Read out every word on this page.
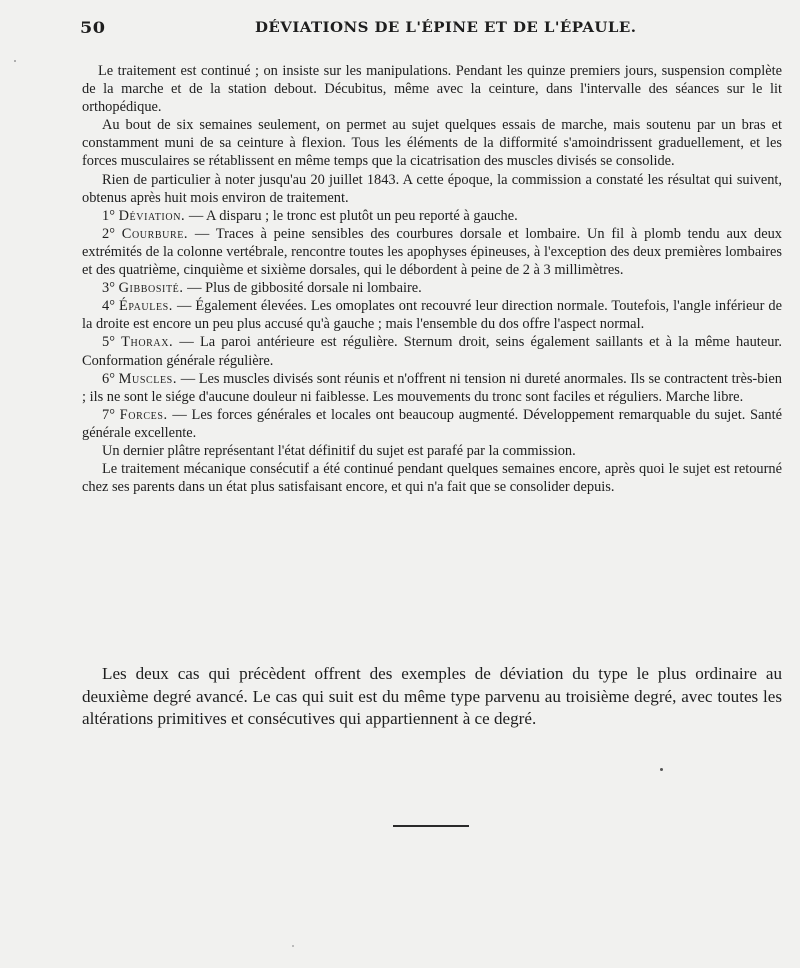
50	DÉVIATIONS DE L'ÉPINE ET DE L'ÉPAULE.

Le traitement est continué ; on insiste sur les manipulations. Pendant les quinze premiers jours, suspension complète de la marche et de la station debout. Décubitus, même avec la ceinture, dans l'intervalle des séances sur le lit orthopédique.

Au bout de six semaines seulement, on permet au sujet quelques essais de marche, mais soutenu par un bras et constamment muni de sa ceinture à flexion. Tous les éléments de la difformité s'amoindrissent graduellement, et les forces musculaires se rétablissent en même temps que la cicatrisation des muscles divisés se consolide.

Rien de particulier à noter jusqu'au 20 juillet 1843. A cette époque, la commission a constaté les résultat qui suivent, obtenus après huit mois environ de traitement.

1° Déviation. — A disparu ; le tronc est plutôt un peu reporté à gauche.

2° Courbure. — Traces à peine sensibles des courbures dorsale et lombaire. Un fil à plomb tendu aux deux extrémités de la colonne vertébrale, rencontre toutes les apophyses épineuses, à l'exception des deux premières lombaires et des quatrième, cinquième et sixième dorsales, qui le débordent à peine de 2 à 3 millimètres.

3° Gibbosité. — Plus de gibbosité dorsale ni lombaire.

4° Épaules. — Également élevées. Les omoplates ont recouvré leur direction normale. Toutefois, l'angle inférieur de la droite est encore un peu plus accusé qu'à gauche ; mais l'ensemble du dos offre l'aspect normal.

5° Thorax. — La paroi antérieure est régulière. Sternum droit, seins également saillants et à la même hauteur. Conformation générale régulière.

6° Muscles. — Les muscles divisés sont réunis et n'offrent ni tension ni dureté anormales. Ils se contractent très-bien ; ils ne sont le siége d'aucune douleur ni faiblesse. Les mouvements du tronc sont faciles et réguliers. Marche libre.

7° Forces. — Les forces générales et locales ont beaucoup augmenté. Développement remarquable du sujet. Santé générale excellente.

Un dernier plâtre représentant l'état définitif du sujet est parafé par la commission.

Le traitement mécanique consécutif a été continué pendant quelques semaines encore, après quoi le sujet est retourné chez ses parents dans un état plus satisfaisant encore, et qui n'a fait que se consolider depuis.

Les deux cas qui précèdent offrent des exemples de déviation du type le plus ordinaire au deuxième degré avancé. Le cas qui suit est du même type parvenu au troisième degré, avec toutes les altérations primitives et consécutives qui appartiennent à ce degré.
